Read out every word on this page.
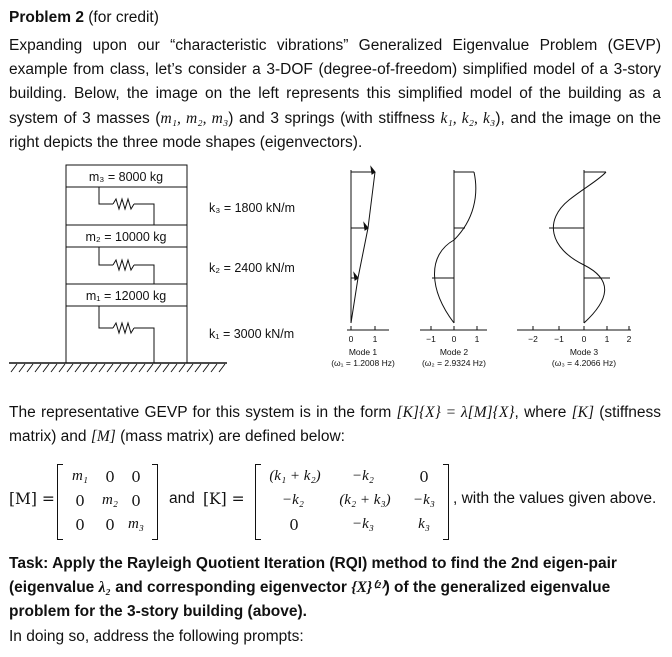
Problem 2 (for credit)
Expanding upon our “characteristic vibrations” Generalized Eigenvalue Problem (GEVP) example from class, let’s consider a 3-DOF (degree-of-freedom) simplified model of a 3-story building. Below, the image on the left represents this simplified model of the building as a system of 3 masses (m₁, m₂, m₃) and 3 springs (with stiffness k₁, k₂, k₃), and the image on the right depicts the three mode shapes (eigenvectors).
m₃ = 8000 kg
m₂ = 10000 kg
m₁ = 12000 kg
k₃ = 1800 kN/m
k₂ = 2400 kN/m
k₁ = 3000 kN/m	0 1	−1 0 1	−2 −1 0 1 2
Mode 1
(ω₁ = 1.2008 Hz)
Mode 2
(ω₂ = 2.9324 Hz)
Mode 3
(ω₃ = 4.2066 Hz)
The representative GEVP for this system is in the form [K]{X} = λ[M]{X}, where [K] (stiffness matrix) and [M] (mass matrix) are defined below:
[M] =
m₁	0	0
0	m₂ 0
0	0 m₃
and [K] =
(k₁ + k₂)	−k₂	0
−k₂	(k₂ + k₃)	−k₃
0	−k₃	k₃
, with the values given above.
Task: Apply the Rayleigh Quotient Iteration (RQI) method to find the 2nd eigen-pair (eigenvalue λ₂ and corresponding eigenvector {X}⁽²⁾) of the generalized eigenvalue problem for the 3-story building (above).
In doing so, address the following prompts:
